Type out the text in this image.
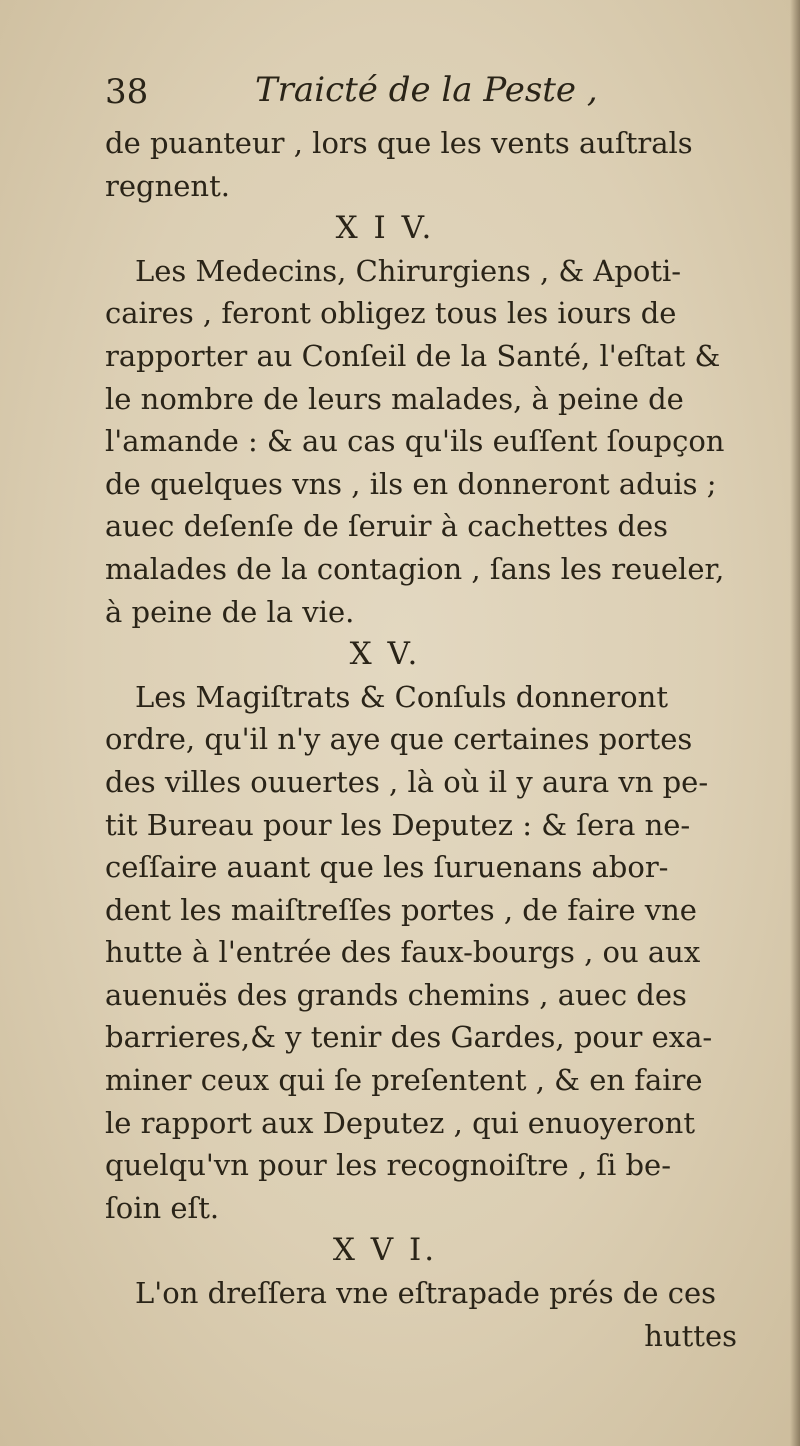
38	Traicté de la Peste ,
de puanteur , lors que les vents auſtrals
regnent.
X I V.
Les Medecins, Chirurgiens , & Apoti-
caires , feront obligez tous les iours de
rapporter au Conſeil de la Santé, l'eſtat &
le nombre de leurs malades, à peine de
l'amande : & au cas qu'ils euſſent ſoupçon
de quelques vns , ils en donneront aduis ;
auec deſenſe de ſeruir à cachettes des
malades de la contagion , ſans les reueler,
à peine de la vie.
X V.
Les Magiſtrats & Conſuls donneront
ordre, qu'il n'y aye que certaines portes
des villes ouuertes , là où il y aura vn pe-
tit Bureau pour les Deputez : & ſera ne-
ceſſaire auant que les ſuruenans abor-
dent les maiſtreſſes portes , de faire vne
hutte à l'entrée des faux-bourgs , ou aux
auenuës des grands chemins , auec des
barrieres,& y tenir des Gardes, pour exa-
miner ceux qui ſe preſentent , & en faire
le rapport aux Deputez , qui enuoyeront
quelqu'vn pour les recognoiſtre , ſi be-
ſoin eſt.
X V I.
L'on dreſſera vne eſtrapade prés de ces
huttes
